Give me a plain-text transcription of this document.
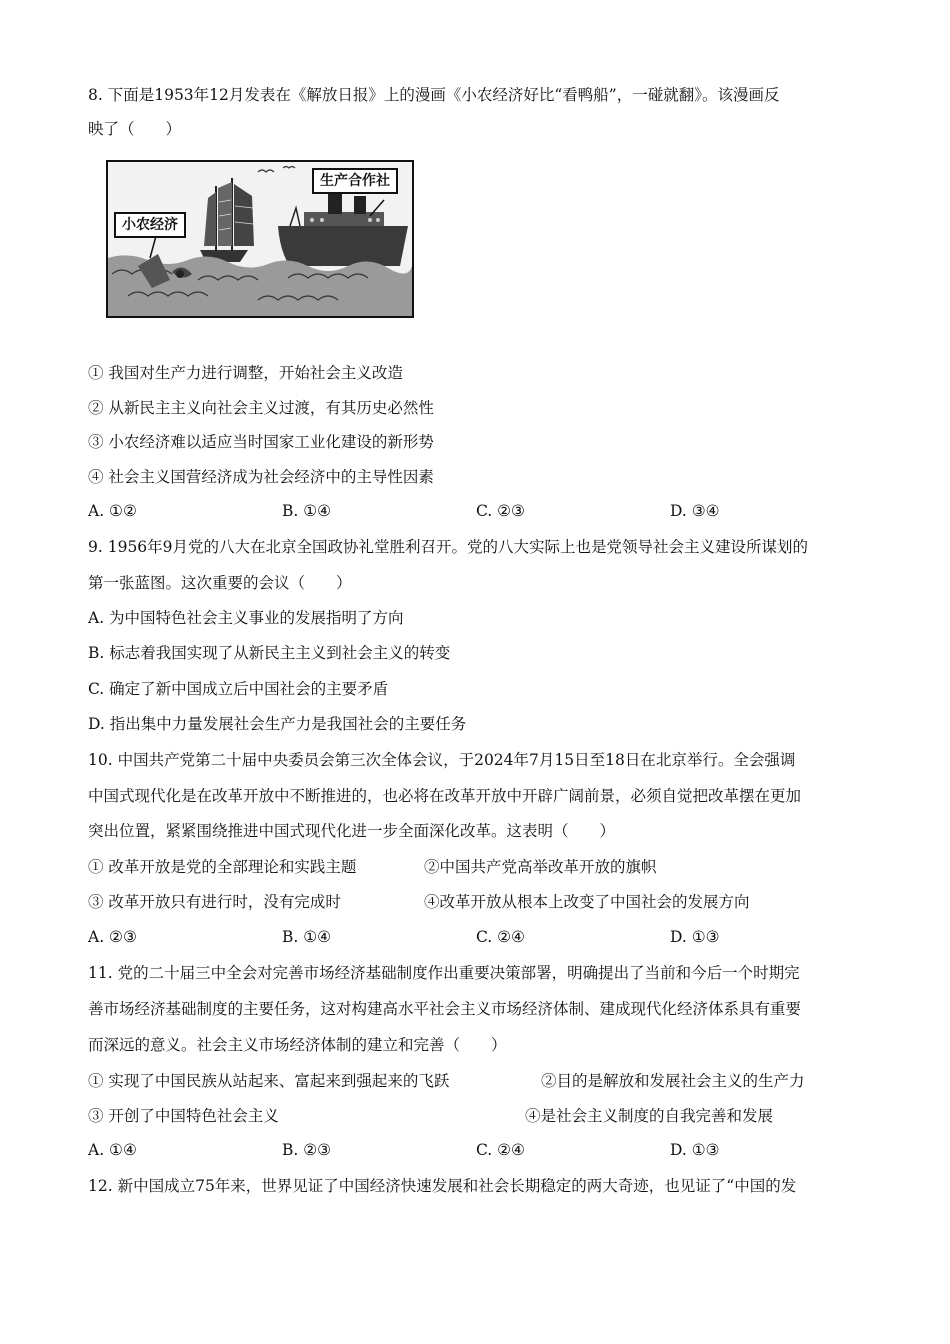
8. 下面是1953年12月发表在《解放日报》上的漫画《小农经济好比“看鸭船”，一碰就翻》。该漫画反
映了（　　）
小农经济
生产合作社
① 我国对生产力进行调整，开始社会主义改造
② 从新民主主义向社会主义过渡，有其历史必然性
③ 小农经济难以适应当时国家工业化建设的新形势
④ 社会主义国营经济成为社会经济中的主导性因素
A. ①②	B. ①④	C. ②③	D. ③④
9. 1956年9月党的八大在北京全国政协礼堂胜利召开。党的八大实际上也是党领导社会主义建设所谋划的
第一张蓝图。这次重要的会议（　　）
A. 为中国特色社会主义事业的发展指明了方向
B. 标志着我国实现了从新民主主义到社会主义的转变
C. 确定了新中国成立后中国社会的主要矛盾
D. 指出集中力量发展社会生产力是我国社会的主要任务
10. 中国共产党第二十届中央委员会第三次全体会议，于2024年7月15日至18日在北京举行。全会强调
中国式现代化是在改革开放中不断推进的，也必将在改革开放中开辟广阔前景，必须自觉把改革摆在更加
突出位置，紧紧围绕推进中国式现代化进一步全面深化改革。这表明（　　）
① 改革开放是党的全部理论和实践主题	②中国共产党高举改革开放的旗帜
③ 改革开放只有进行时，没有完成时	④改革开放从根本上改变了中国社会的发展方向
A. ②③	B. ①④	C. ②④	D. ①③
11. 党的二十届三中全会对完善市场经济基础制度作出重要决策部署，明确提出了当前和今后一个时期完
善市场经济基础制度的主要任务，这对构建高水平社会主义市场经济体制、建成现代化经济体系具有重要
而深远的意义。社会主义市场经济体制的建立和完善（　　）
① 实现了中国民族从站起来、富起来到强起来的飞跃	②目的是解放和发展社会主义的生产力
③ 开创了中国特色社会主义	④是社会主义制度的自我完善和发展
A. ①④	B. ②③	C. ②④	D. ①③
12. 新中国成立75年来，世界见证了中国经济快速发展和社会长期稳定的两大奇迹，也见证了“中国的发
